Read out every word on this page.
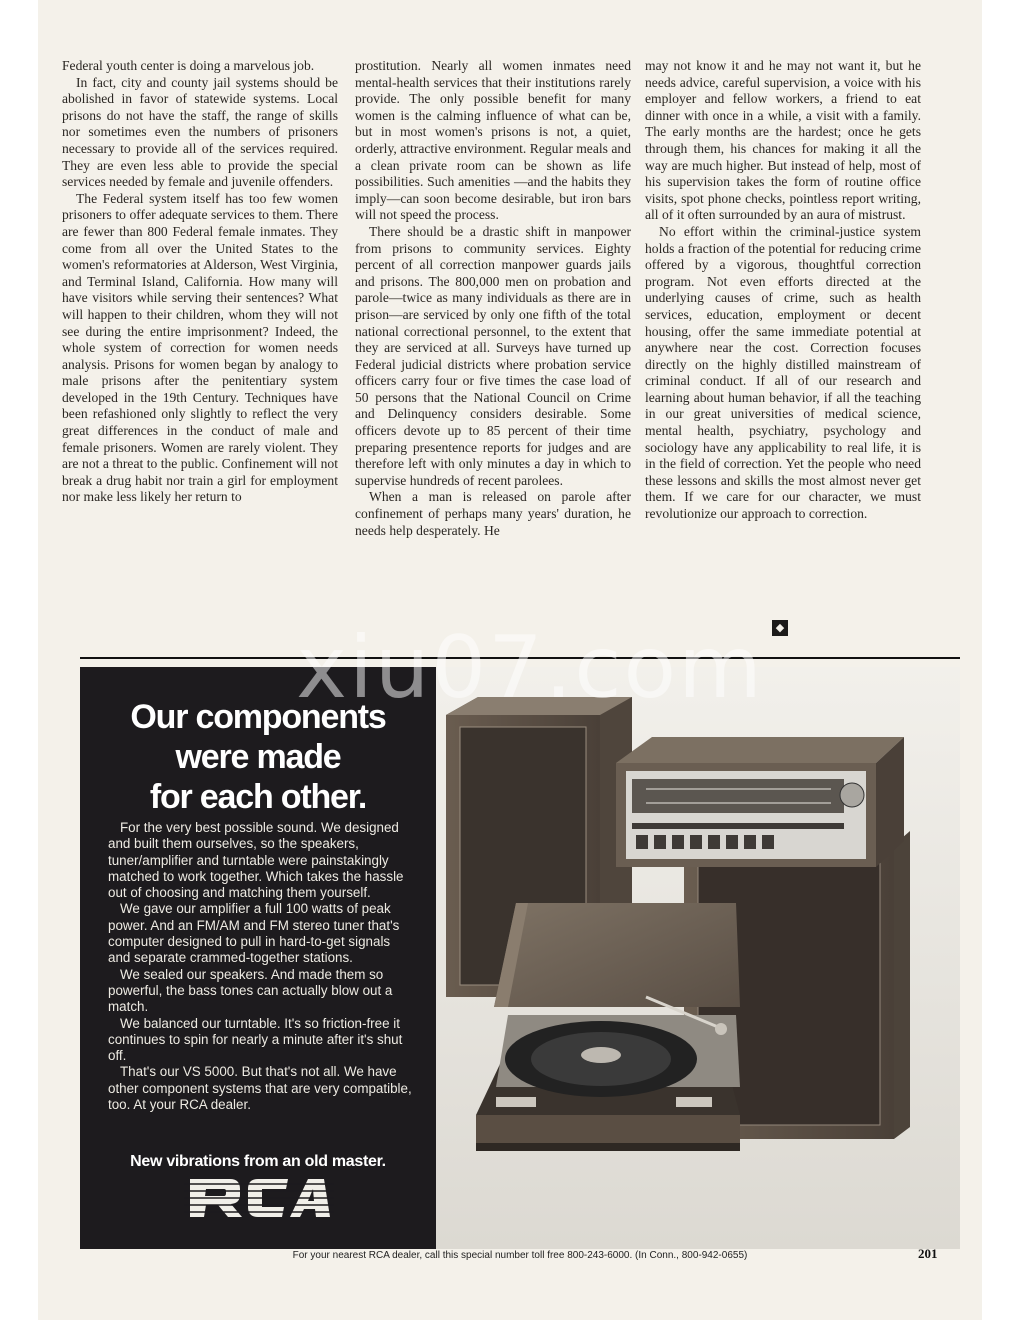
Federal youth center is doing a marvelous job.

In fact, city and county jail systems should be abolished in favor of statewide systems. Local prisons do not have the staff, the range of skills nor sometimes even the numbers of prisoners necessary to provide all of the services required. They are even less able to provide the special services needed by female and juvenile offenders.

The Federal system itself has too few women prisoners to offer adequate services to them. There are fewer than 800 Federal female inmates. They come from all over the United States to the women's reformatories at Alderson, West Virginia, and Terminal Island, California. How many will have visitors while serving their sentences? What will happen to their children, whom they will not see during the entire imprisonment? Indeed, the whole system of correction for women needs analysis. Prisons for women began by analogy to male prisons after the penitentiary system developed in the 19th Century. Techniques have been refashioned only slightly to reflect the very great differences in the conduct of male and female prisoners. Women are rarely violent. They are not a threat to the public. Confinement will not break a drug habit nor train a girl for employment nor make less likely her return to

prostitution. Nearly all women inmates need mental-health services that their institutions rarely provide. The only possible benefit for many women is the calming influence of what can be, but in most women's prisons is not, a quiet, orderly, attractive environment. Regular meals and a clean private room can be shown as life possibilities. Such amenities —and the habits they imply—can soon become desirable, but iron bars will not speed the process.

There should be a drastic shift in manpower from prisons to community services. Eighty percent of all correction manpower guards jails and prisons. The 800,000 men on probation and parole—twice as many individuals as there are in prison—are serviced by only one fifth of the total national correctional personnel, to the extent that they are serviced at all. Surveys have turned up Federal judicial districts where probation service officers carry four or five times the case load of 50 persons that the National Council on Crime and Delinquency considers desirable. Some officers devote up to 85 percent of their time preparing presentence reports for judges and are therefore left with only minutes a day in which to supervise hundreds of recent parolees.

When a man is released on parole after confinement of perhaps many years' duration, he needs help desperately. He

may not know it and he may not want it, but he needs advice, careful supervision, a voice with his employer and fellow workers, a friend to eat dinner with once in a while, a visit with a family. The early months are the hardest; once he gets through them, his chances for making it all the way are much higher. But instead of help, most of his supervision takes the form of routine office visits, spot phone checks, pointless report writing, all of it often surrounded by an aura of mistrust.

No effort within the criminal-justice system holds a fraction of the potential for reducing crime offered by a vigorous, thoughtful correction program. Not even efforts directed at the underlying causes of crime, such as health services, education, employment or decent housing, offer the same immediate potential at anywhere near the cost. Correction focuses directly on the highly distilled mainstream of criminal conduct. If all of our research and learning about human behavior, if all the teaching in our great universities of medical science, mental health, psychiatry, psychology and sociology have any applicability to real life, it is in the field of correction. Yet the people who need these lessons and skills the most almost never get them. If we care for our character, we must revolutionize our approach to correction.

◆
Our components
were made
for each other.

For the very best possible sound. We designed and built them ourselves, so the speakers, tuner/amplifier and turntable were painstakingly matched to work together. Which takes the hassle out of choosing and matching them yourself.

We gave our amplifier a full 100 watts of peak power. And an FM/AM and FM stereo tuner that's computer designed to pull in hard-to-get signals and separate crammed-together stations.

We sealed our speakers. And made them so powerful, the bass tones can actually blow out a match.

We balanced our turntable. It's so friction-free it continues to spin for nearly a minute after it's shut off.

That's our VS 5000. But that's not all. We have other component systems that are very compatible, too. At your RCA dealer.

New vibrations from an old master.
For your nearest RCA dealer, call this special number toll free 800-243-6000. (In Conn., 800-942-0655)	201
xiu07.com
